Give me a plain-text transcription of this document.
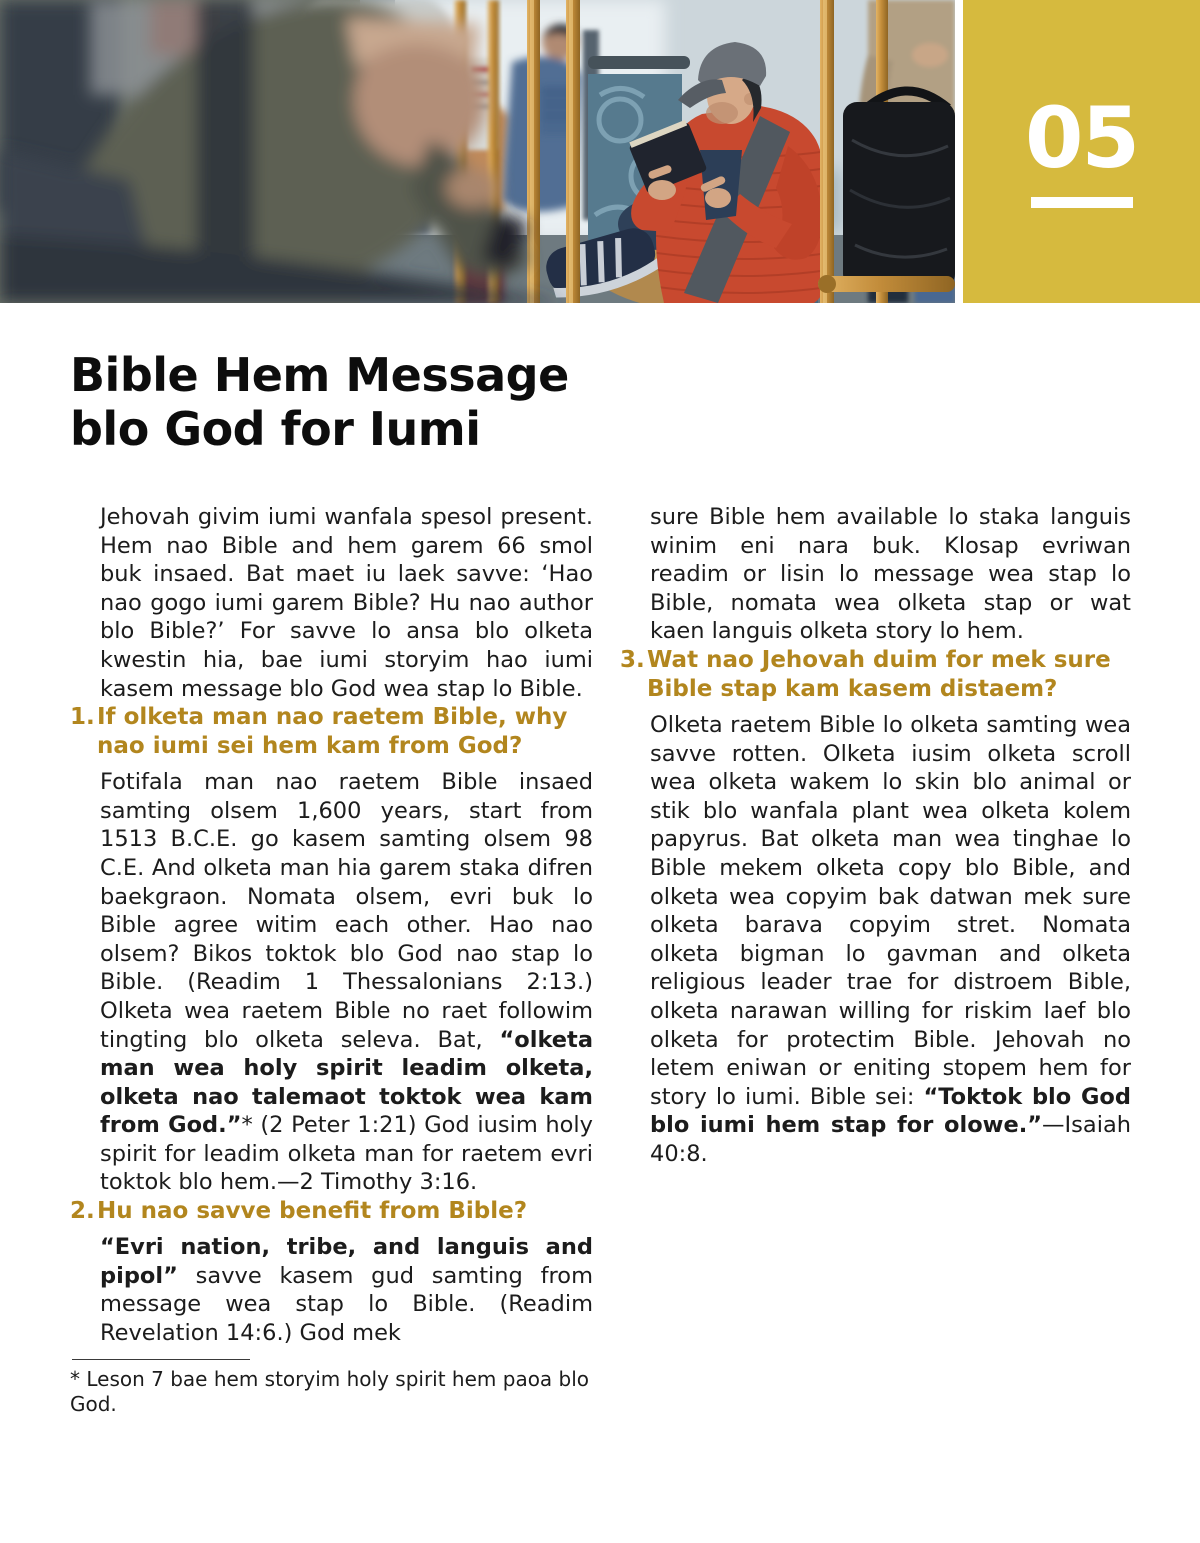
05
Bible Hem Message
blo God for Iumi

Jehovah givim iumi wanfala spesol present. Hem nao Bible and hem garem 66 smol buk insaed. Bat maet iu laek savve: ‘Hao nao gogo iumi garem Bible? Hu nao author blo Bible?’ For savve lo ansa blo olketa kwestin hia, bae iumi storyim hao iumi kasem message blo God wea stap lo Bible.

1. If olketa man nao raetem Bible, why nao iumi sei hem kam from God?

Fotifala man nao raetem Bible insaed samting olsem 1,600 years, start from 1513 B.C.E. go kasem samting olsem 98 C.E. And olketa man hia garem staka difren baekgraon. Nomata olsem, evri buk lo Bible agree witim each other. Hao nao olsem? Bikos toktok blo God nao stap lo Bible. (Readim 1 Thessalonians 2:13.) Olketa wea raetem Bible no raet followim tingting blo olketa seleva. Bat, “olketa man wea holy spirit leadim olketa, olketa nao talemaot toktok wea kam from God.”* (2 Peter 1:21) God iusim holy spirit for leadim olketa man for raetem evri toktok blo hem.—2 Timothy 3:16.

2. Hu nao savve benefit from Bible?

“Evri nation, tribe, and languis and pipol” savve kasem gud samting from message wea stap lo Bible. (Readim Revelation 14:6.) God mek

* Leson 7 bae hem storyim holy spirit hem paoa blo God.

sure Bible hem available lo staka languis winim eni nara buk. Klosap evriwan readim or lisin lo message wea stap lo Bible, nomata wea olketa stap or wat kaen languis olketa story lo hem.

3. Wat nao Jehovah duim for mek sure Bible stap kam kasem distaem?

Olketa raetem Bible lo olketa samting wea savve rotten. Olketa iusim olketa scroll wea olketa wakem lo skin blo animal or stik blo wanfala plant wea olketa kolem papyrus. Bat olketa man wea tinghae lo Bible mekem olketa copy blo Bible, and olketa wea copyim bak datwan mek sure olketa barava copyim stret. Nomata olketa bigman lo gavman and olketa religious leader trae for distroem Bible, olketa narawan willing for riskim laef blo olketa for protectim Bible. Jehovah no letem eniwan or eniting stopem hem for story lo iumi. Bible sei: “Toktok blo God blo iumi hem stap for olowe.”—Isaiah 40:8.
